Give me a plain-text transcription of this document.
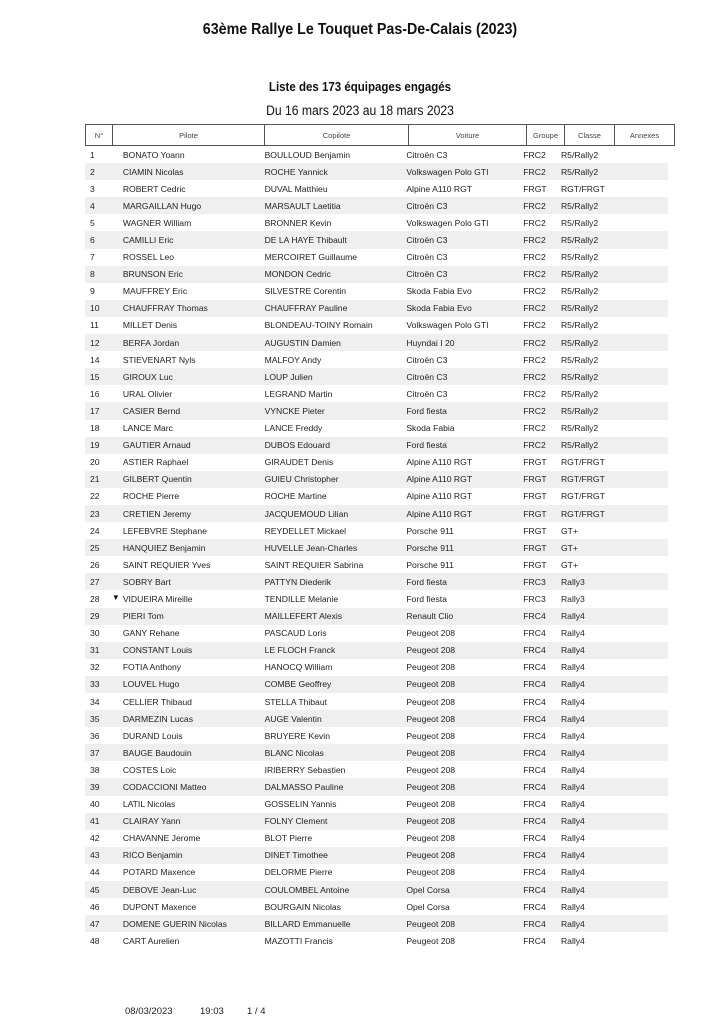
63ème Rallye Le Touquet Pas-De-Calais (2023)
Liste des 173 équipages engagés
Du 16 mars 2023 au 18 mars 2023
N°	Pilote	Copilote	Voiture	Groupe	Classe	Annexes
1	BONATO Yoann	BOULLOUD Benjamin	Citroën C3	FRC2	R5/Rally2
2	CIAMIN Nicolas	ROCHE Yannick	Volkswagen Polo GTI	FRC2	R5/Rally2
3	ROBERT Cedric	DUVAL Matthieu	Alpine A110 RGT	FRGT	RGT/FRGT
4	MARGAILLAN Hugo	MARSAULT Laetitia	Citroën C3	FRC2	R5/Rally2
5	WAGNER William	BRONNER Kevin	Volkswagen Polo GTI	FRC2	R5/Rally2
6	CAMILLI Eric	DE LA HAYE Thibault	Citroën C3	FRC2	R5/Rally2
7	ROSSEL Leo	MERCOIRET Guillaume	Citroën C3	FRC2	R5/Rally2
8	BRUNSON Eric	MONDON Cedric	Citroën C3	FRC2	R5/Rally2
9	MAUFFREY Eric	SILVESTRE Corentin	Skoda Fabia Evo	FRC2	R5/Rally2
10	CHAUFFRAY Thomas	CHAUFFRAY Pauline	Skoda Fabia Evo	FRC2	R5/Rally2
11	MILLET Denis	BLONDEAU-TOINY Romain	Volkswagen Polo GTI	FRC2	R5/Rally2
12	BERFA Jordan	AUGUSTIN Damien	Huyndai I 20	FRC2	R5/Rally2
14	STIEVENART Nyls	MALFOY Andy	Citroën C3	FRC2	R5/Rally2
15	GIROUX Luc	LOUP Julien	Citroën C3	FRC2	R5/Rally2
16	URAL Olivier	LEGRAND Martin	Citroën C3	FRC2	R5/Rally2
17	CASIER Bernd	VYNCKE Pieter	Ford fiesta	FRC2	R5/Rally2
18	LANCE Marc	LANCE Freddy	Skoda Fabia	FRC2	R5/Rally2
19	GAUTIER Arnaud	DUBOS Edouard	Ford fiesta	FRC2	R5/Rally2
20	ASTIER Raphael	GIRAUDET Denis	Alpine A110 RGT	FRGT	RGT/FRGT
21	GILBERT Quentin	GUIEU Christopher	Alpine A110 RGT	FRGT	RGT/FRGT
22	ROCHE Pierre	ROCHE Martine	Alpine A110 RGT	FRGT	RGT/FRGT
23	CRETIEN Jeremy	JACQUEMOUD Lilian	Alpine A110 RGT	FRGT	RGT/FRGT
24	LEFEBVRE Stephane	REYDELLET Mickael	Porsche 911	FRGT	GT+
25	HANQUIEZ Benjamin	HUVELLE Jean-Charles	Porsche 911	FRGT	GT+
26	SAINT REQUIER Yves	SAINT REQUIER Sabrina	Porsche 911	FRGT	GT+
27	SOBRY Bart	PATTYN Diederik	Ford fiesta	FRC3	Rally3
28	▼ VIDUEIRA Mireille	TENDILLE Melanie	Ford fiesta	FRC3	Rally3
29	PIERI Tom	MAILLEFERT Alexis	Renault Clio	FRC4	Rally4
30	GANY Rehane	PASCAUD Loris	Peugeot 208	FRC4	Rally4
31	CONSTANT Louis	LE FLOCH Franck	Peugeot 208	FRC4	Rally4
32	FOTIA Anthony	HANOCQ William	Peugeot 208	FRC4	Rally4
33	LOUVEL Hugo	COMBE Geoffrey	Peugeot 208	FRC4	Rally4
34	CELLIER Thibaud	STELLA Thibaut	Peugeot 208	FRC4	Rally4
35	DARMEZIN Lucas	AUGE Valentin	Peugeot 208	FRC4	Rally4
36	DURAND Louis	BRUYERE Kevin	Peugeot 208	FRC4	Rally4
37	BAUGE Baudouin	BLANC Nicolas	Peugeot 208	FRC4	Rally4
38	COSTES Loic	IRIBERRY Sebastien	Peugeot 208	FRC4	Rally4
39	CODACCIONI Matteo	DALMASSO Pauline	Peugeot 208	FRC4	Rally4
40	LATIL Nicolas	GOSSELIN Yannis	Peugeot 208	FRC4	Rally4
41	CLAIRAY Yann	FOLNY Clement	Peugeot 208	FRC4	Rally4
42	CHAVANNE Jerome	BLOT Pierre	Peugeot 208	FRC4	Rally4
43	RICO Benjamin	DINET Timothee	Peugeot 208	FRC4	Rally4
44	POTARD Maxence	DELORME Pierre	Peugeot 208	FRC4	Rally4
45	DEBOVE Jean-Luc	COULOMBEL Antoine	Opel Corsa	FRC4	Rally4
46	DUPONT Maxence	BOURGAIN Nicolas	Opel Corsa	FRC4	Rally4
47	DOMENE GUERIN Nicolas	BILLARD Emmanuelle	Peugeot 208	FRC4	Rally4
48	CART Aurelien	MAZOTTI Francis	Peugeot 208	FRC4	Rally4
08/03/2023	19:03 1 / 4
